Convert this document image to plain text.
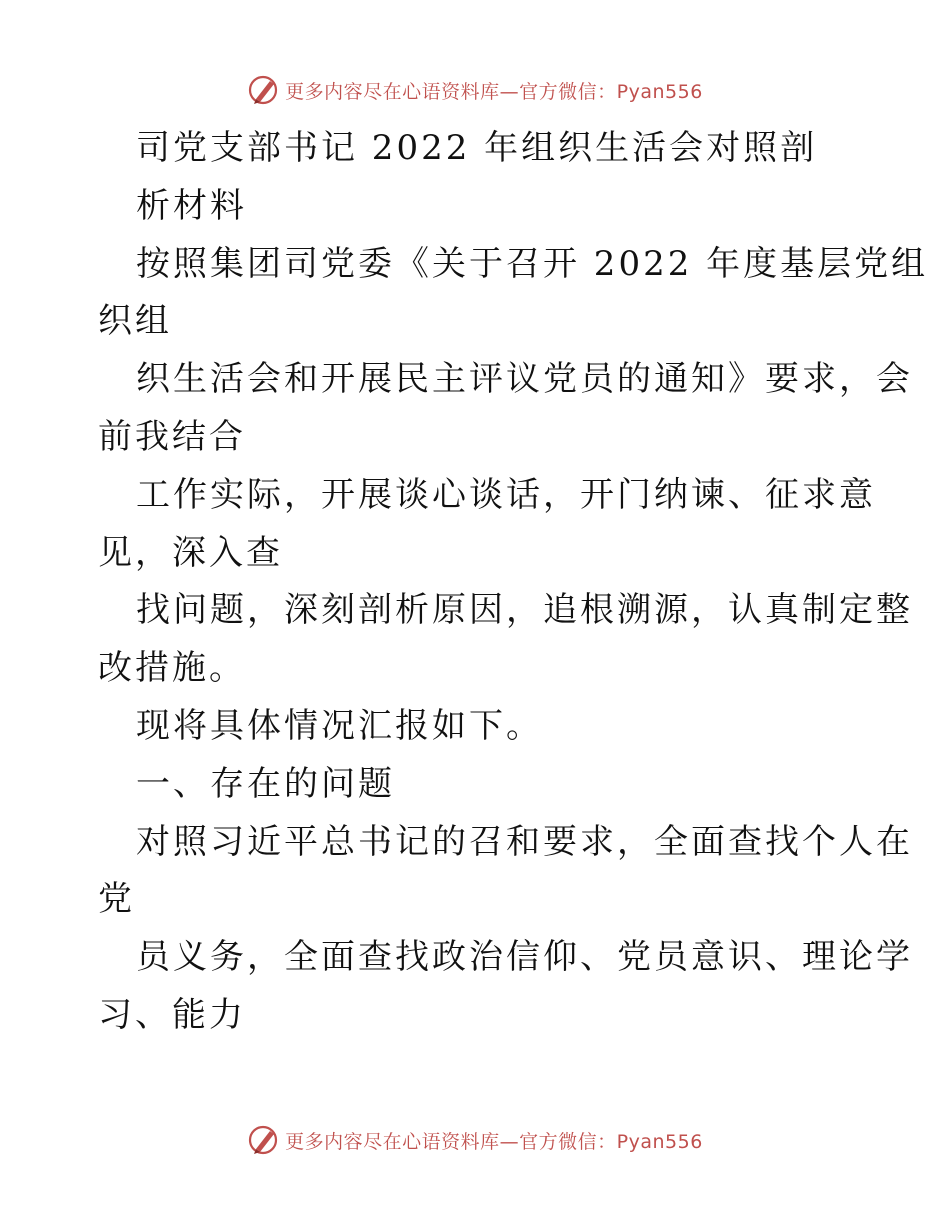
更多内容尽在心语资料库—官方微信：Pyan556
司党支部书记 2022 年组织生活会对照剖
析材料
按照集团司党委《关于召开 2022 年度基层党组
织组
织生活会和开展民主评议党员的通知》要求，会
前我结合
工作实际，开展谈心谈话，开门纳谏、征求意
见，深入查
找问题，深刻剖析原因，追根溯源，认真制定整
改措施。
现将具体情况汇报如下。
一、存在的问题
对照习近平总书记的召和要求，全面查找个人在
党
员义务，全面查找政治信仰、党员意识、理论学
习、能力
更多内容尽在心语资料库—官方微信：Pyan556
